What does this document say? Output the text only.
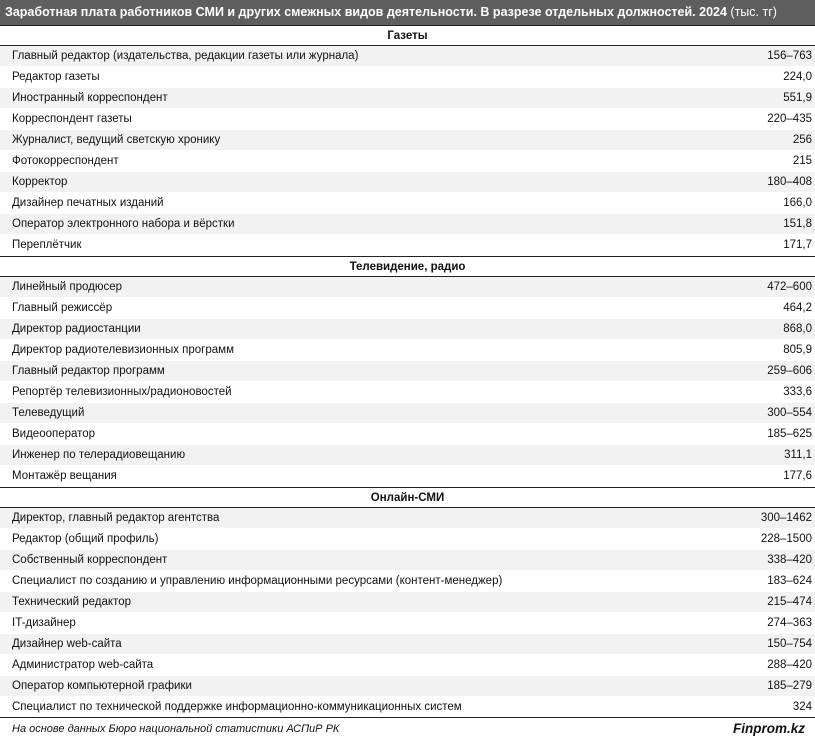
Заработная плата работников СМИ и других смежных видов деятельности. В разрезе отдельных должностей. 2024 (тыс. тг)
Газеты
Главный редактор (издательства, редакции газеты или журнала)	156–763
Редактор газеты	224,0
Иностранный корреспондент	551,9
Корреспондент газеты	220–435
Журналист, ведущий светскую хронику	256
Фотокорреспондент	215
Корректор	180–408
Дизайнер печатных изданий	166,0
Оператор электронного набора и вёрстки	151,8
Переплётчик	171,7
Телевидение, радио
Линейный продюсер	472–600
Главный режиссёр	464,2
Директор радиостанции	868,0
Директор радиотелевизионных программ	805,9
Главный редактор программ	259–606
Репортёр телевизионных/радионовостей	333,6
Телеведущий	300–554
Видеооператор	185–625
Инженер по телерадиовещанию	311,1
Монтажёр вещания	177,6
Онлайн-СМИ
Директор, главный редактор агентства	300–1462
Редактор (общий профиль)	228–1500
Собственный корреспондент	338–420
Специалист по созданию и управлению информационными ресурсами (контент-менеджер)	183–624
Технический редактор	215–474
IT-дизайнер	274–363
Дизайнер web-сайта	150–754
Администратор web-сайта	288–420
Оператор компьютерной графики	185–279
Специалист по технической поддержке информационно-коммуникационных систем	324
На основе данных Бюро национальной статистики АСПиР РК	Finprom.kz
